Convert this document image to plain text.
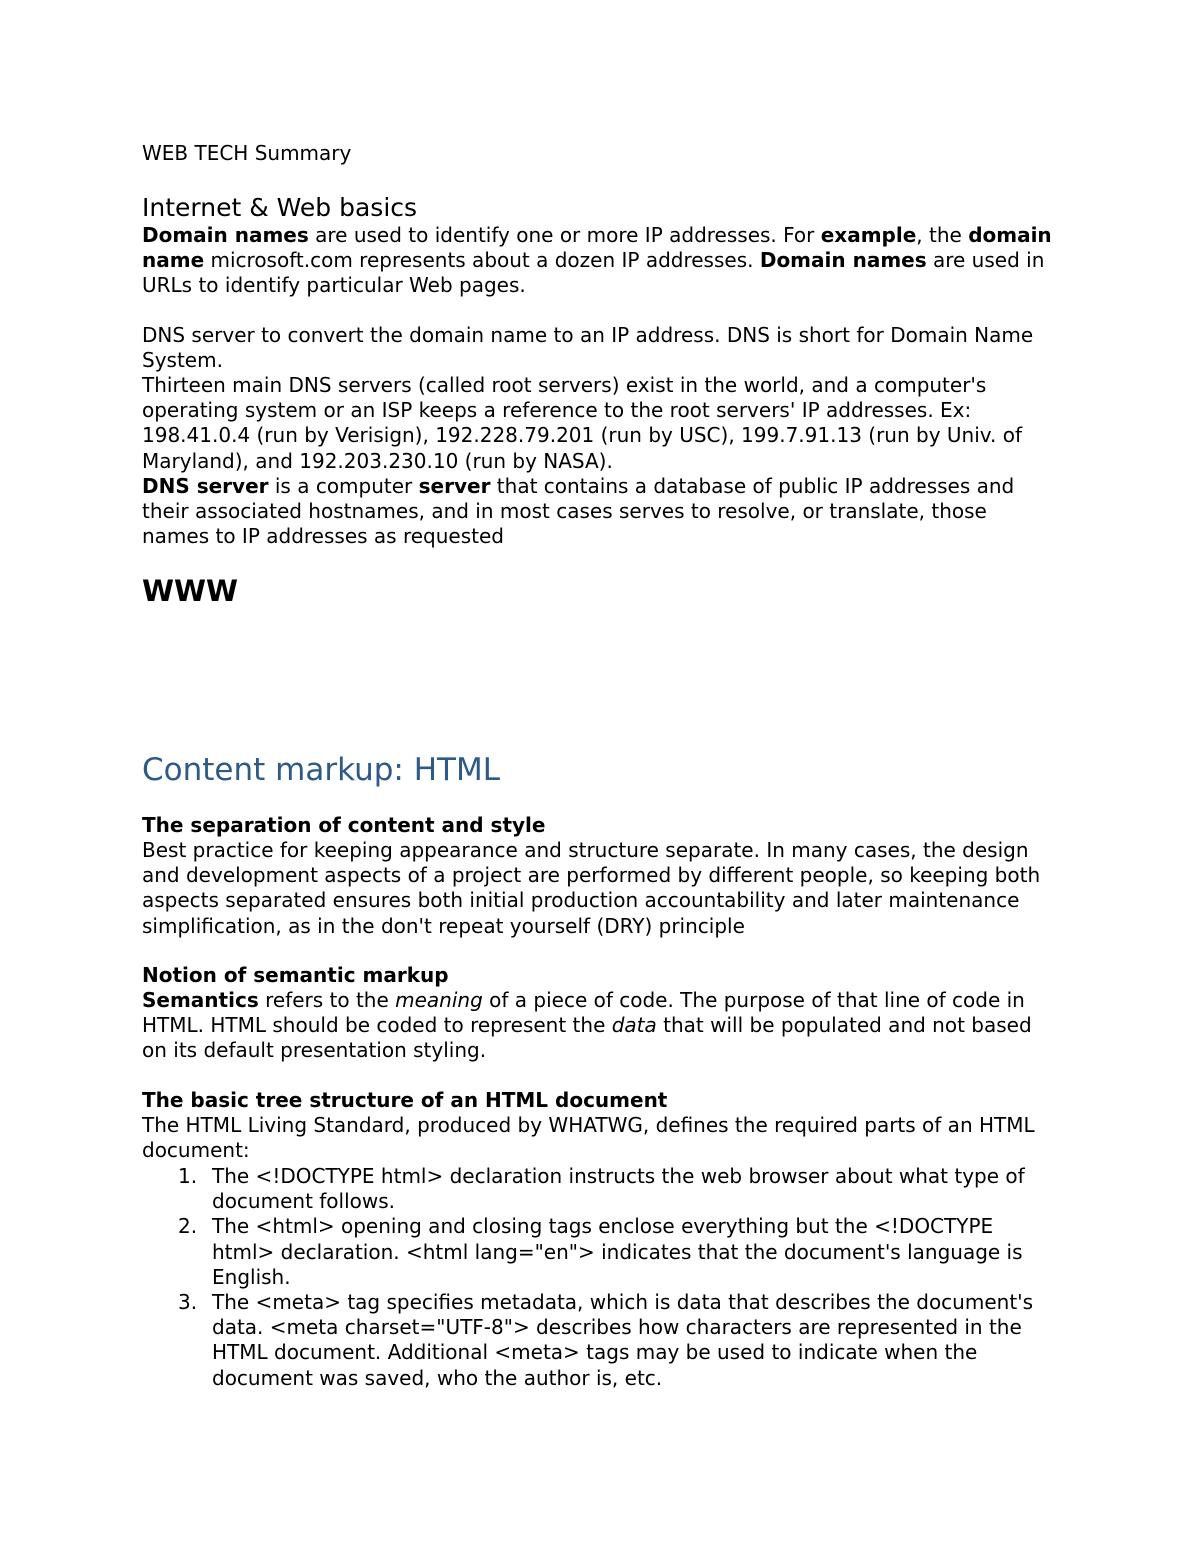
WEB TECH Summary
Internet & Web basics

Domain names are used to identify one or more IP addresses. For example, the domain name microsoft.com represents about a dozen IP addresses. Domain names are used in URLs to identify particular Web pages.

DNS server to convert the domain name to an IP address. DNS is short for Domain Name System.

Thirteen main DNS servers (called root servers) exist in the world, and a computer's operating system or an ISP keeps a reference to the root servers' IP addresses. Ex: 198.41.0.4 (run by Verisign), 192.228.79.201 (run by USC), 199.7.91.13 (run by Univ. of Maryland), and 192.203.230.10 (run by NASA).

DNS server is a computer server that contains a database of public IP addresses and their associated hostnames, and in most cases serves to resolve, or translate, those names to IP addresses as requested

WWW
Content markup: HTML
The separation of content and style

Best practice for keeping appearance and structure separate. In many cases, the design and development aspects of a project are performed by different people, so keeping both aspects separated ensures both initial production accountability and later maintenance simplification, as in the don't repeat yourself (DRY) principle

Notion of semantic markup

Semantics refers to the meaning of a piece of code. The purpose of that line of code in HTML. HTML should be coded to represent the data that will be populated and not based on its default presentation styling.

The basic tree structure of an HTML document

The HTML Living Standard, produced by WHATWG, defines the required parts of an HTML document:

1. The <!DOCTYPE html> declaration instructs the web browser about what type of document follows.
2. The <html> opening and closing tags enclose everything but the <!DOCTYPE html> declaration. <html lang="en"> indicates that the document's language is English.
3. The <meta> tag specifies metadata, which is data that describes the document's data. <meta charset="UTF-8"> describes how characters are represented in the HTML document. Additional <meta> tags may be used to indicate when the document was saved, who the author is, etc.
